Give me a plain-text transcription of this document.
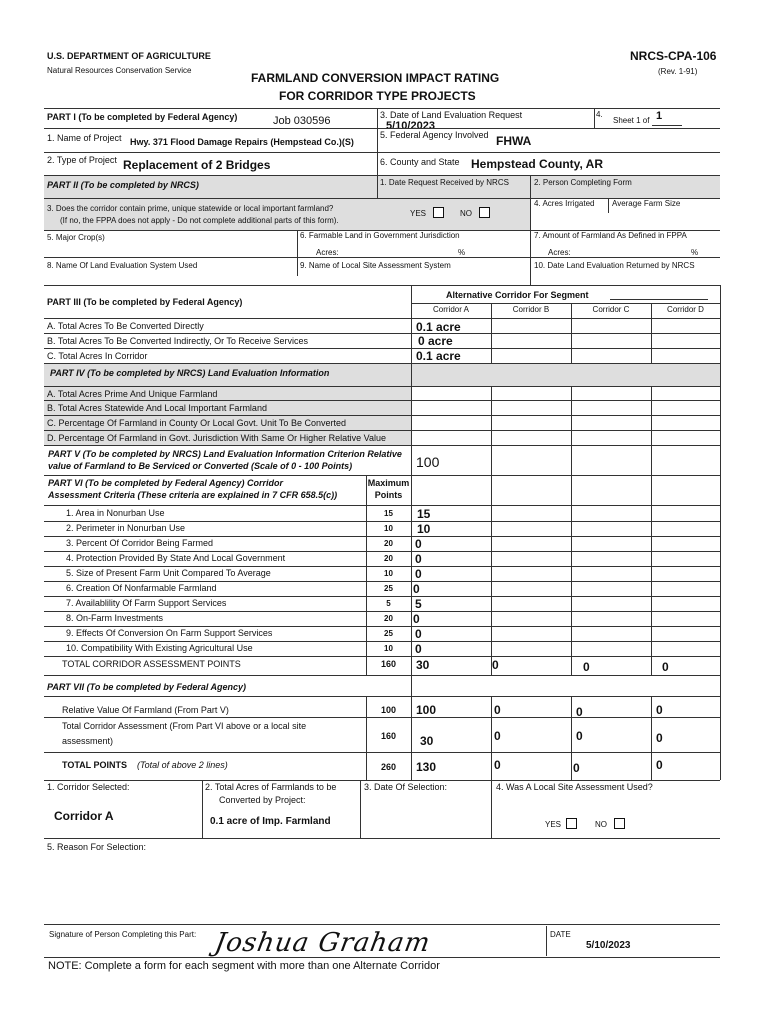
U.S. DEPARTMENT OF AGRICULTURE
Natural Resources Conservation Service
NRCS-CPA-106
(Rev. 1-91)
FARMLAND CONVERSION IMPACT RATING
FOR CORRIDOR TYPE PROJECTS
PART I (To be completed by Federal Agency)	Job 030596	3. Date of Land Evaluation Request
5/10/2023
4.
Sheet 1 of 1
1. Name of Project Hwy. 371 Flood Damage Repairs (Hempstead Co.)(S)
5. Federal Agency Involved FHWA
2. Type of Project Replacement of 2 Bridges	6. County and State Hempstead County, AR
PART II (To be completed by NRCS)	1. Date Request Received by NRCS	2. Person Completing Form
3. Does the corridor contain prime, unique statewide or local important farmland?
(If no, the FPPA does not apply - Do not complete additional parts of this form).
YES	NO
4. Acres Irrigated Average Farm Size
5. Major Crop(s)	6. Farmable Land in Government Jurisdiction
Acres:	%
7. Amount of Farmland As Defined in FPPA
Acres:	%
8. Name Of Land Evaluation System Used	9. Name of Local Site Assessment System	10. Date Land Evaluation Returned by NRCS
PART III (To be completed by Federal Agency)
Alternative Corridor For Segment
Corridor A	Corridor B	Corridor C	Corridor D
A. Total Acres To Be Converted Directly	0.1 acre
B. Total Acres To Be Converted Indirectly, Or To Receive Services	0 acre
C. Total Acres In Corridor	0.1 acre
PART IV (To be completed by NRCS) Land Evaluation Information
A. Total Acres Prime And Unique Farmland
B. Total Acres Statewide And Local Important Farmland
C. Percentage Of Farmland in County Or Local Govt. Unit To Be Converted
D. Percentage Of Farmland in Govt. Jurisdiction With Same Or Higher Relative Value
PART V (To be completed by NRCS) Land Evaluation Information Criterion Relative
value of Farmland to Be Serviced or Converted (Scale of 0 - 100 Points)	100
PART VI (To be completed by Federal Agency) Corridor
Assessment Criteria (These criteria are explained in 7 CFR 658.5(c))
Maximum
Points
1. Area in Nonurban Use	15	15
2. Perimeter in Nonurban Use	10	10
3. Percent Of Corridor Being Farmed	20	0
4. Protection Provided By State And Local Government	20	0
5. Size of Present Farm Unit Compared To Average	10	0
6. Creation Of Nonfarmable Farmland	25	0
7. Availablility Of Farm Support Services	5	5
8. On-Farm Investments	20	0
9. Effects Of Conversion On Farm Support Services	25	0
10. Compatibility With Existing Agricultural Use	10	0
TOTAL CORRIDOR ASSESSMENT POINTS	160	30	0	0	0
PART VII (To be completed by Federal Agency)
Relative Value Of Farmland (From Part V)	100	100	0	0	0
Total Corridor Assessment (From Part VI above or a local site
assessment)	160	30	0	0	0
TOTAL POINTS (Total of above 2 lines)	260	130	0	0	0
1. Corridor Selected:
Corridor A
2. Total Acres of Farmlands to be
Converted by Project:
0.1 acre of Imp. Farmland
3. Date Of Selection:	4. Was A Local Site Assessment Used?
YES	NO
5. Reason For Selection:
Signature of Person Completing this Part:	DATE
5/10/2023
Joshua Graham
NOTE: Complete a form for each segment with more than one Alternate Corridor
